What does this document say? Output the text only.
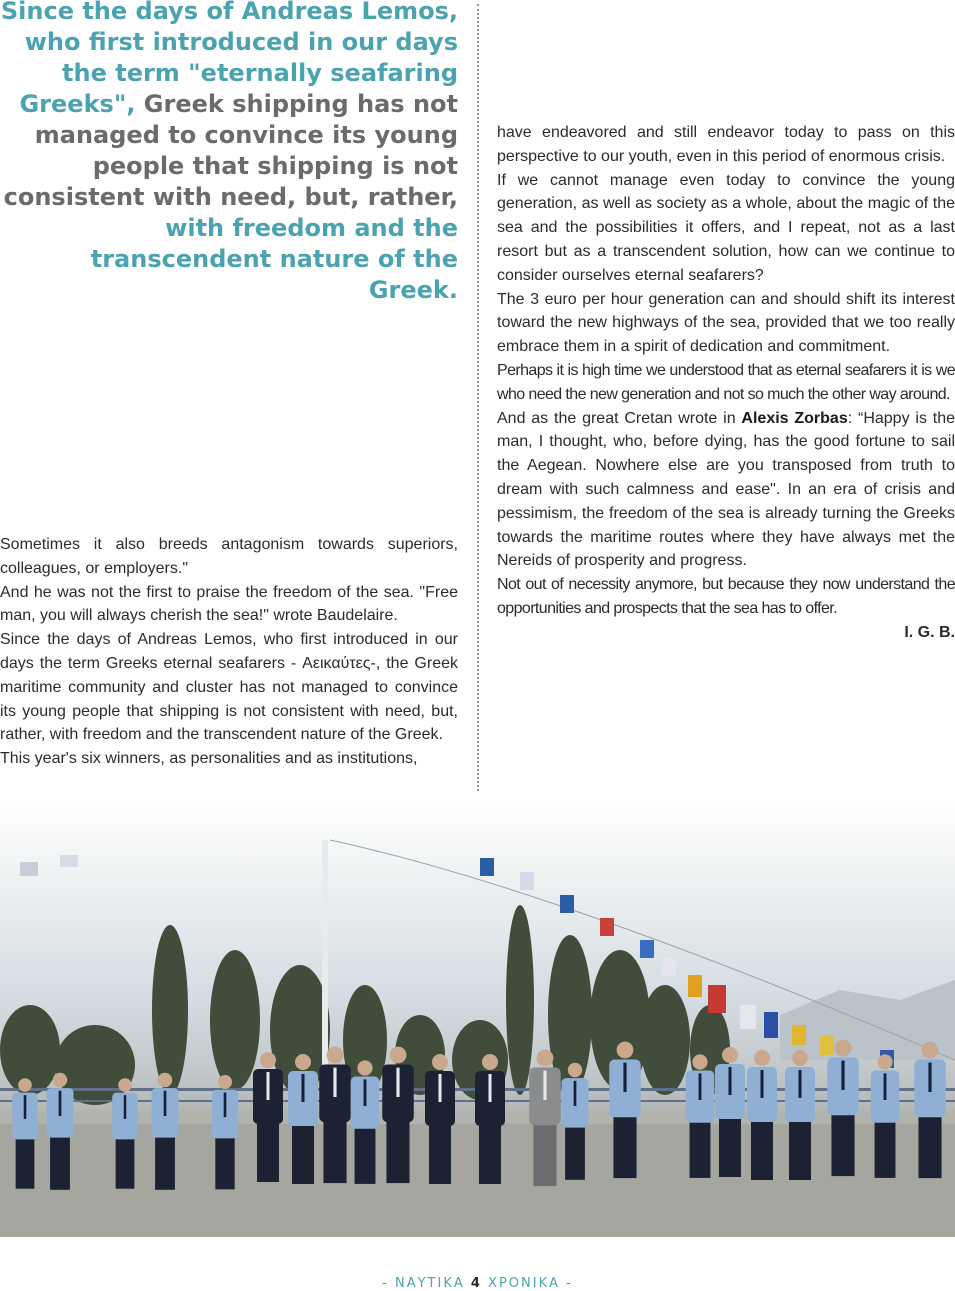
Since the days of Andreas Lemos, who first introduced in our days the term "eternally seafaring Greeks", Greek shipping has not managed to convince its young people that shipping is not consistent with need, but, rather, with freedom and the transcendent nature of the Greek.

Sometimes it also breeds antagonism towards superiors, colleagues, or employers."

And he was not the first to praise the freedom of the sea. "Free man, you will always cherish the sea!" wrote Baudelaire.

Since the days of Andreas Lemos, who first introduced in our days the term Greeks eternal seafarers - Αεικαύτες-, the Greek maritime community and cluster has not managed to convince its young people that shipping is not consistent with need, but, rather, with freedom and the transcendent nature of the Greek.

This year's six winners, as personalities and as institutions,

have endeavored and still endeavor today to pass on this perspective to our youth, even in this period of enormous crisis.

If we cannot manage even today to convince the young generation, as well as society as a whole, about the magic of the sea and the possibilities it offers, and I repeat, not as a last resort but as a transcendent solution, how can we continue to consider ourselves eternal seafarers?

The 3 euro per hour generation can and should shift its interest toward the new highways of the sea, provided that we too really embrace them in a spirit of dedication and commitment.

Perhaps it is high time we understood that as eternal seafarers it is we who need the new generation and not so much the other way around.

And as the great Cretan wrote in Alexis Zorbas: “Happy is the man, I thought, who, before dying, has the good fortune to sail the Aegean. Nowhere else are you transposed from truth to dream with such calmness and ease". In an era of crisis and pessimism, the freedom of the sea is already turning the Greeks towards the maritime routes where they have always met the Nereids of prosperity and progress.

Not out of necessity anymore, but because they now understand the opportunities and prospects that the sea has to offer.

I. G. B.

- ΝΑΥΤΙΚΑ 4 ΧΡΟΝΙΚΑ -
